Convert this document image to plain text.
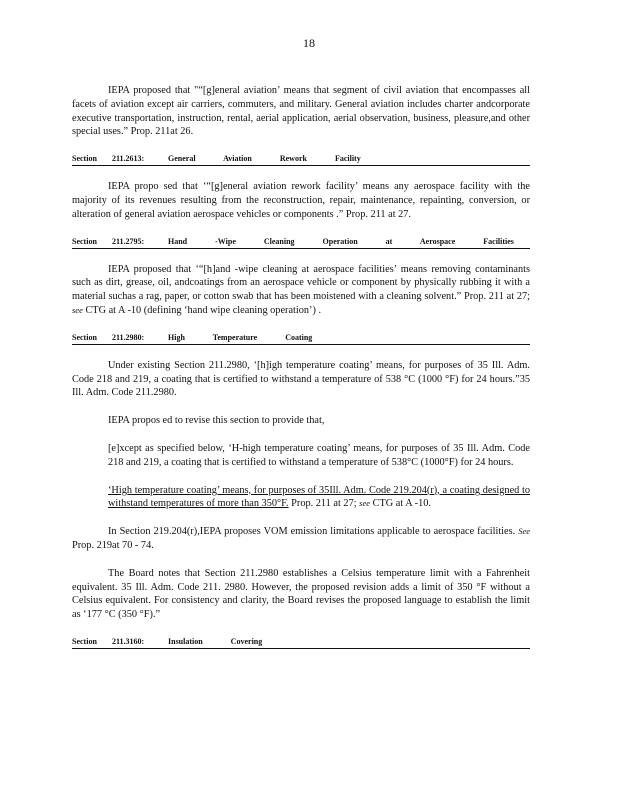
18

IEPA proposed that "“[g]eneral aviation’ means that segment of civil aviation that encompasses all facets of aviation except air carriers, commuters, and military. General aviation includes charter andcorporate executive transportation, instruction, rental, aerial application, aerial observation, business, pleasure,and other special uses.” Prop. 211at 26.

Section	211.2613:	General Aviation Rework Facility

IEPA propo sed that ‘“[g]eneral aviation rework facility’ means any aerospace facility with the majority of its revenues resulting from the reconstruction, repair, maintenance, repainting, conversion, or alteration of general aviation aerospace vehicles or components .” Prop. 211 at 27.

Section	211.2795:	Hand -Wipe Cleaning Operation at Aerospace Facilities

IEPA proposed that ‘“[h]and -wipe cleaning at aerospace facilities’ means removing contaminants such as dirt, grease, oil, andcoatings from an aerospace vehicle or component by physically rubbing it with a material suchas a rag, paper, or cotton swab that has been moistened with a cleaning solvent.” Prop. 211 at 27; see CTG at A -10 (defining ‘hand wipe cleaning operation’) .

Section	211.2980:	High Temperature Coating

Under existing Section 211.2980, ‘[h]igh temperature coating’ means, for purposes of 35 Ill. Adm. Code 218 and 219, a coating that is certified to withstand a temperature of 538 °C (1000 °F) for 24 hours.”35 Ill. Adm. Code 211.2980.

IEPA propos ed to revise this section to provide that,

[e]xcept as specified below, ‘H-high temperature coating’ means, for purposes of 35 Ill. Adm. Code 218 and 219, a coating that is certified to withstand a temperature of 538°C (1000°F) for 24 hours.

‘High temperature coating’ means, for purposes of 35Ill. Adm. Code 219.204(r), a coating designed to withstand temperatures of more than 350°F. Prop. 211 at 27; see CTG at A -10.

In Section 219.204(r),IEPA proposes VOM emission limitations applicable to aerospace facilities. See Prop. 219at 70 - 74.

The Board notes that Section 211.2980 establishes a Celsius temperature limit with a Fahrenheit equivalent. 35 Ill. Adm. Code 211. 2980. However, the proposed revision adds a limit of 350 °F without a Celsius equivalent. For consistency and clarity, the Board revises the proposed language to establish the limit as ‘177 °C (350 °F).”

Section	211.3160:	Insulation Covering
